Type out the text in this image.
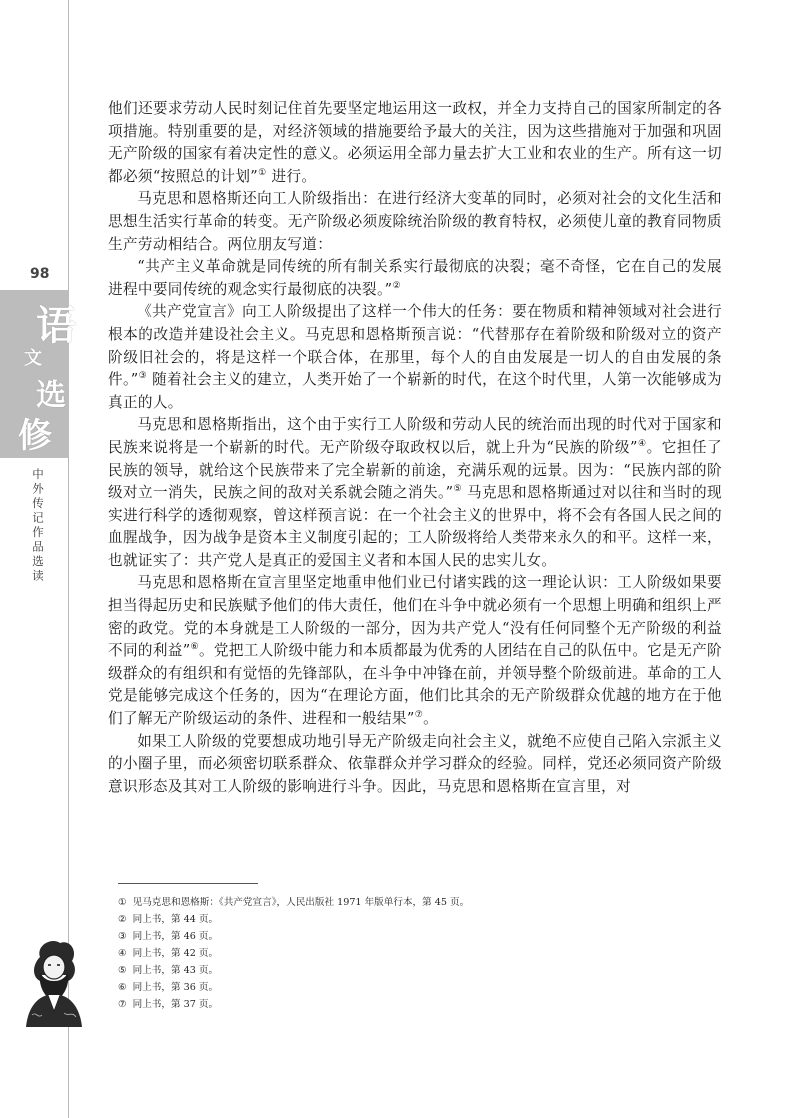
98
语
文
选
修
中外传记作品选读

他们还要求劳动人民时刻记住首先要坚定地运用这一政权，并全力支持自己的国家所制定的各项措施。特别重要的是，对经济领域的措施要给予最大的关注，因为这些措施对于加强和巩固无产阶级的国家有着决定性的意义。必须运用全部力量去扩大工业和农业的生产。所有这一切都必须“按照总的计划”① 进行。

马克思和恩格斯还向工人阶级指出：在进行经济大变革的同时，必须对社会的文化生活和思想生活实行革命的转变。无产阶级必须废除统治阶级的教育特权，必须使儿童的教育同物质生产劳动相结合。两位朋友写道：

“共产主义革命就是同传统的所有制关系实行最彻底的决裂；毫不奇怪，它在自己的发展进程中要同传统的观念实行最彻底的决裂。”②

《共产党宣言》向工人阶级提出了这样一个伟大的任务：要在物质和精神领域对社会进行根本的改造并建设社会主义。马克思和恩格斯预言说：“代替那存在着阶级和阶级对立的资产阶级旧社会的，将是这样一个联合体，在那里，每个人的自由发展是一切人的自由发展的条件。”③ 随着社会主义的建立，人类开始了一个崭新的时代，在这个时代里，人第一次能够成为真正的人。

马克思和恩格斯指出，这个由于实行工人阶级和劳动人民的统治而出现的时代对于国家和民族来说将是一个崭新的时代。无产阶级夺取政权以后，就上升为“民族的阶级”④。它担任了民族的领导，就给这个民族带来了完全崭新的前途，充满乐观的远景。因为：“民族内部的阶级对立一消失，民族之间的敌对关系就会随之消失。”⑤ 马克思和恩格斯通过对以往和当时的现实进行科学的透彻观察，曾这样预言说：在一个社会主义的世界中，将不会有各国人民之间的血腥战争，因为战争是资本主义制度引起的；工人阶级将给人类带来永久的和平。这样一来，也就证实了：共产党人是真正的爱国主义者和本国人民的忠实儿女。

马克思和恩格斯在宣言里坚定地重申他们业已付诸实践的这一理论认识：工人阶级如果要担当得起历史和民族赋予他们的伟大责任，他们在斗争中就必须有一个思想上明确和组织上严密的政党。党的本身就是工人阶级的一部分，因为共产党人“没有任何同整个无产阶级的利益不同的利益”⑥。党把工人阶级中能力和本质都最为优秀的人团结在自己的队伍中。它是无产阶级群众的有组织和有觉悟的先锋部队，在斗争中冲锋在前，并领导整个阶级前进。革命的工人党是能够完成这个任务的，因为“在理论方面，他们比其余的无产阶级群众优越的地方在于他们了解无产阶级运动的条件、进程和一般结果”⑦。

如果工人阶级的党要想成功地引导无产阶级走向社会主义，就绝不应使自己陷入宗派主义的小圈子里，而必须密切联系群众、依靠群众并学习群众的经验。同样，党还必须同资产阶级意识形态及其对工人阶级的影响进行斗争。因此，马克思和恩格斯在宣言里，对

① 见马克思和恩格斯：《共产党宣言》，人民出版社 1971 年版单行本，第 45 页。
② 同上书，第 44 页。
③ 同上书，第 46 页。
④ 同上书，第 42 页。
⑤ 同上书，第 43 页。
⑥ 同上书，第 36 页。
⑦ 同上书，第 37 页。
